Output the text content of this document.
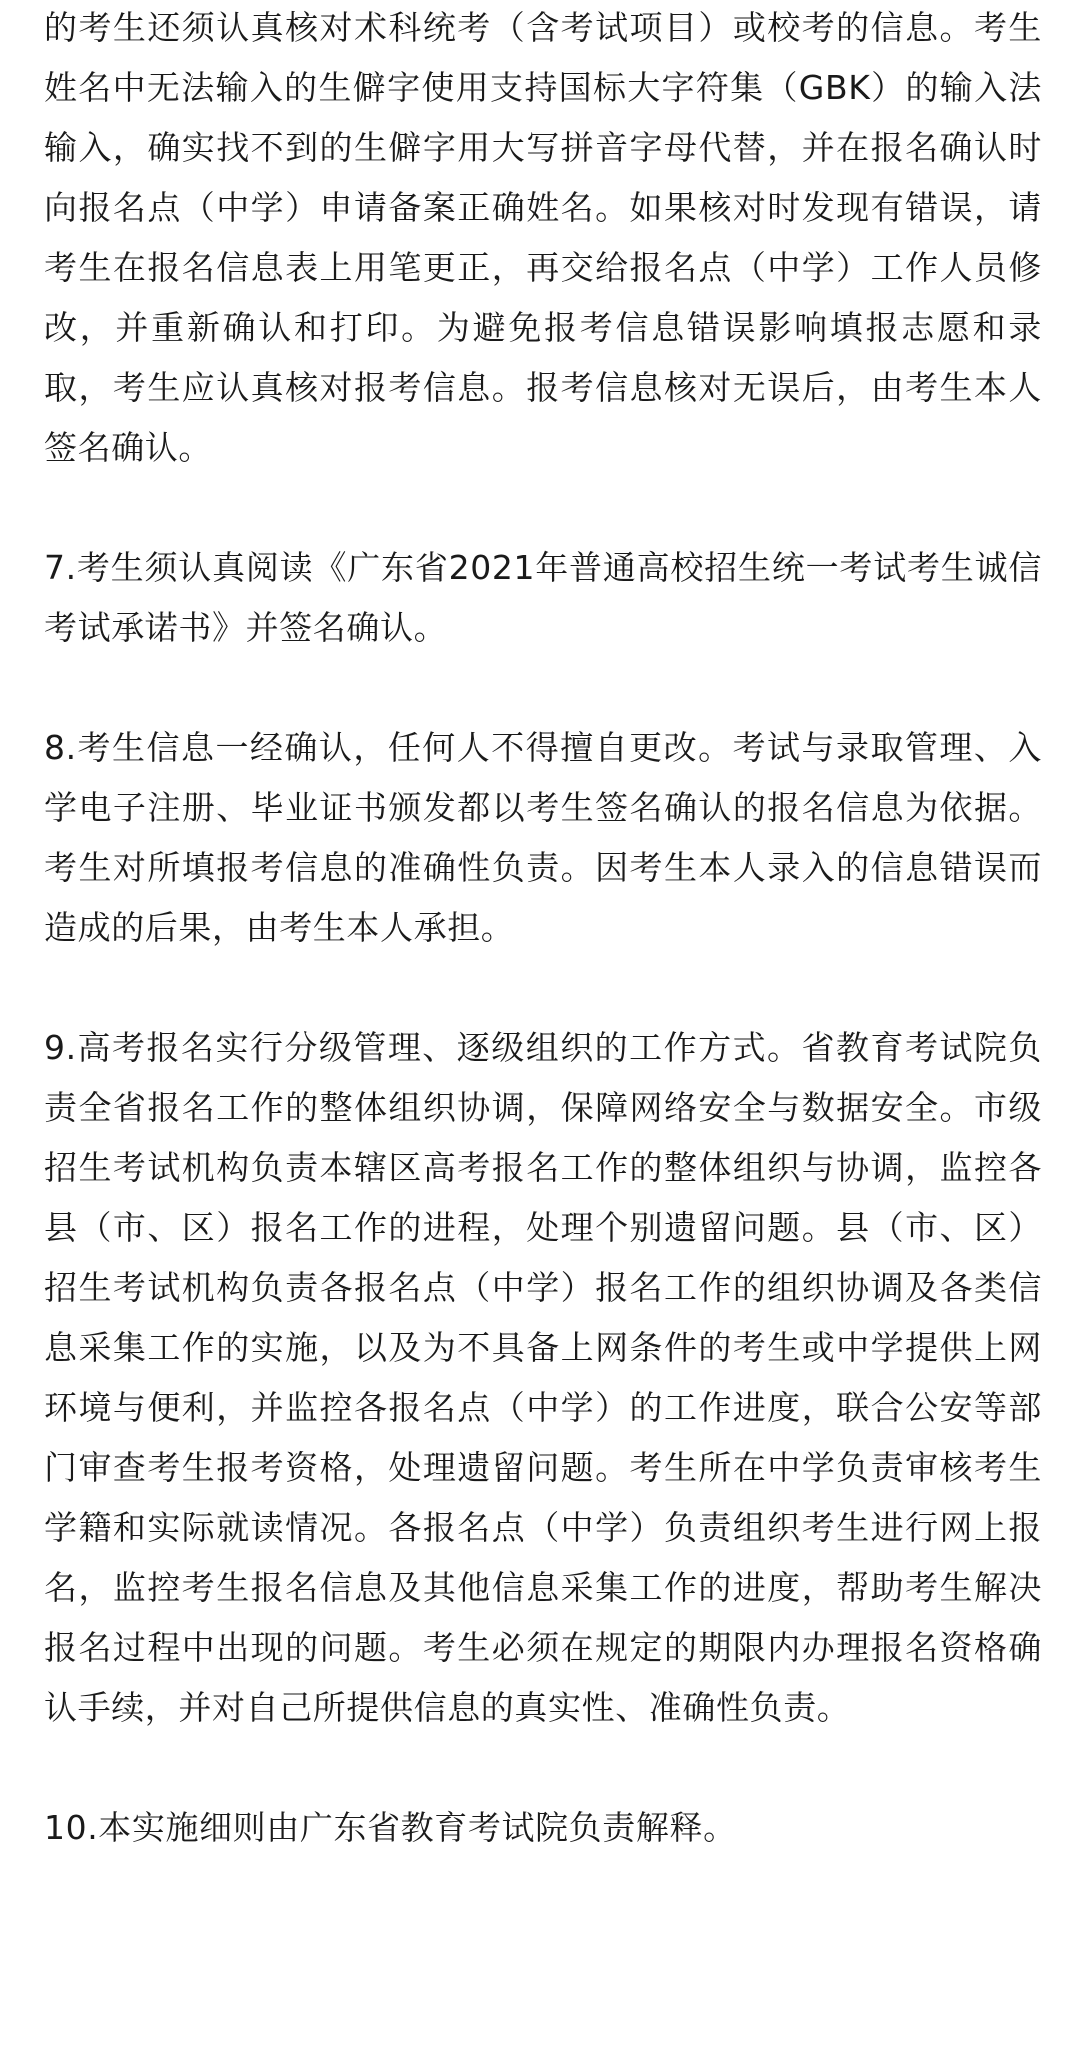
的考生还须认真核对术科统考（含考试项目）或校考的信息。考生姓名中无法输入的生僻字使用支持国标大字符集（GBK）的输入法输入，确实找不到的生僻字用大写拼音字母代替，并在报名确认时向报名点（中学）申请备案正确姓名。如果核对时发现有错误，请考生在报名信息表上用笔更正，再交给报名点（中学）工作人员修改，并重新确认和打印。为避免报考信息错误影响填报志愿和录取，考生应认真核对报考信息。报考信息核对无误后，由考生本人签名确认。

7.考生须认真阅读《广东省2021年普通高校招生统一考试考生诚信考试承诺书》并签名确认。

8.考生信息一经确认，任何人不得擅自更改。考试与录取管理、入学电子注册、毕业证书颁发都以考生签名确认的报名信息为依据。考生对所填报考信息的准确性负责。因考生本人录入的信息错误而造成的后果，由考生本人承担。

9.高考报名实行分级管理、逐级组织的工作方式。省教育考试院负责全省报名工作的整体组织协调，保障网络安全与数据安全。市级招生考试机构负责本辖区高考报名工作的整体组织与协调，监控各县（市、区）报名工作的进程，处理个别遗留问题。县（市、区）招生考试机构负责各报名点（中学）报名工作的组织协调及各类信息采集工作的实施，以及为不具备上网条件的考生或中学提供上网环境与便利，并监控各报名点（中学）的工作进度，联合公安等部门审查考生报考资格，处理遗留问题。考生所在中学负责审核考生学籍和实际就读情况。各报名点（中学）负责组织考生进行网上报名，监控考生报名信息及其他信息采集工作的进度，帮助考生解决报名过程中出现的问题。考生必须在规定的期限内办理报名资格确认手续，并对自己所提供信息的真实性、准确性负责。

10.本实施细则由广东省教育考试院负责解释。
